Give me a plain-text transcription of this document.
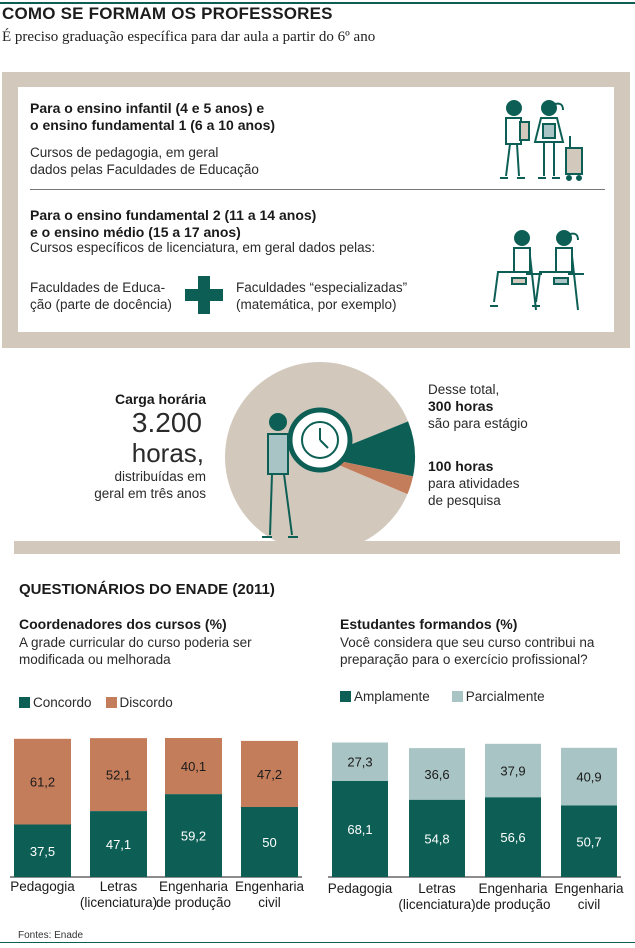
COMO SE FORMAM OS PROFESSORES
É preciso graduação específica para dar aula a partir do 6º ano
Para o ensino infantil (4 e 5 anos) e
o ensino fundamental 1 (6 a 10 anos)
Cursos de pedagogia, em geral
dados pelas Faculdades de Educação
Para o ensino fundamental 2 (11 a 14 anos)
e o ensino médio (15 a 17 anos)
Cursos específicos de licenciatura, em geral dados pelas:
Faculdades de Educa-
ção (parte de docência)
Faculdades “especializadas”
(matemática, por exemplo)
Carga horária
3.200
horas,
distribuídas em
geral em três anos
Desse total,
300 horas
são para estágio
100 horas
para atividades
de pesquisa
QUESTIONÁRIOS DO ENADE (2011)
Coordenadores dos cursos (%)
A grade curricular do curso poderia ser
modificada ou melhorada
Concordo Discordo
Estudantes formandos (%)
Você considera que seu curso contribui na
preparação para o exercício profissional?
Amplamente	Parcialmente
37,5
61,2
Pedagogia
47,1
52,1
Letras
(licenciatura)
59,2
40,1
Engenharia
de produção
50
47,2
Engenharia
civil
68,1
27,3
Pedagogia
54,8
36,6
Letras
(licenciatura)
56,6
37,9
Engenharia
de produção
50,7
40,9
Engenharia
civil
Fontes: Enade
